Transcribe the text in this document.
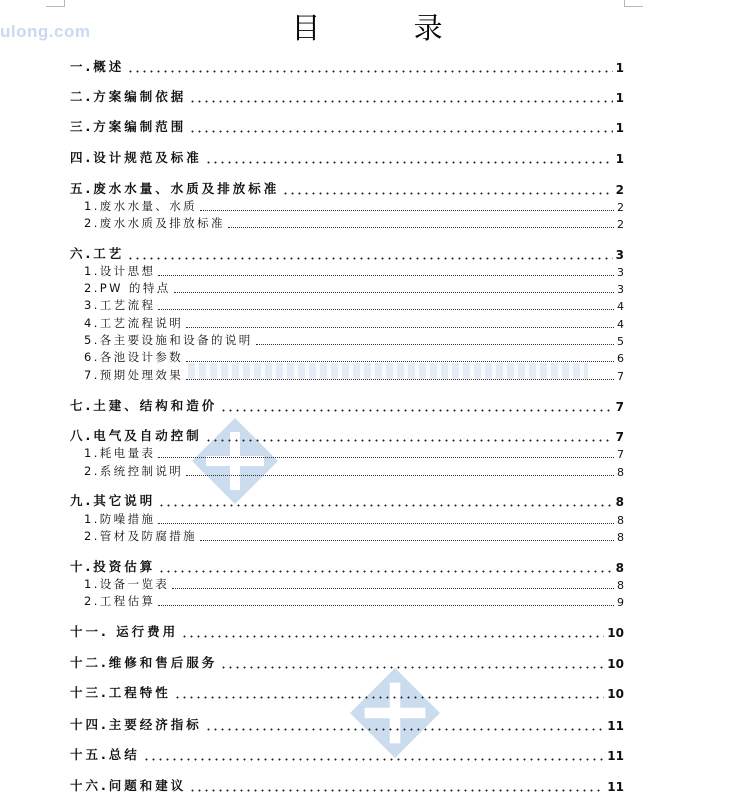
ulong.com	目 录
一.概述	1
二.方案编制依据	1
三.方案编制范围	1
四.设计规范及标准	1
五.废水水量、水质及排放标准	2
1.废水水量、水质	2
2.废水水质及排放标准	2
六.工艺	3
1.设计思想	3
2.PW 的特点	3
3.工艺流程	4
4.工艺流程说明	4
5.各主要设施和设备的说明	5
6.各池设计参数	6
7.预期处理效果	7
七.土建、结构和造价	7
八.电气及自动控制	7
1.耗电量表	7
2.系统控制说明	8
九.其它说明	8
1.防噪措施	8
2.管材及防腐措施	8
十.投资估算	8
1.设备一览表	8
2.工程估算	9
十一. 运行费用	10
十二.维修和售后服务	10
十三.工程特性	10
十四.主要经济指标	11
十五.总结	11
十六.问题和建议	11
